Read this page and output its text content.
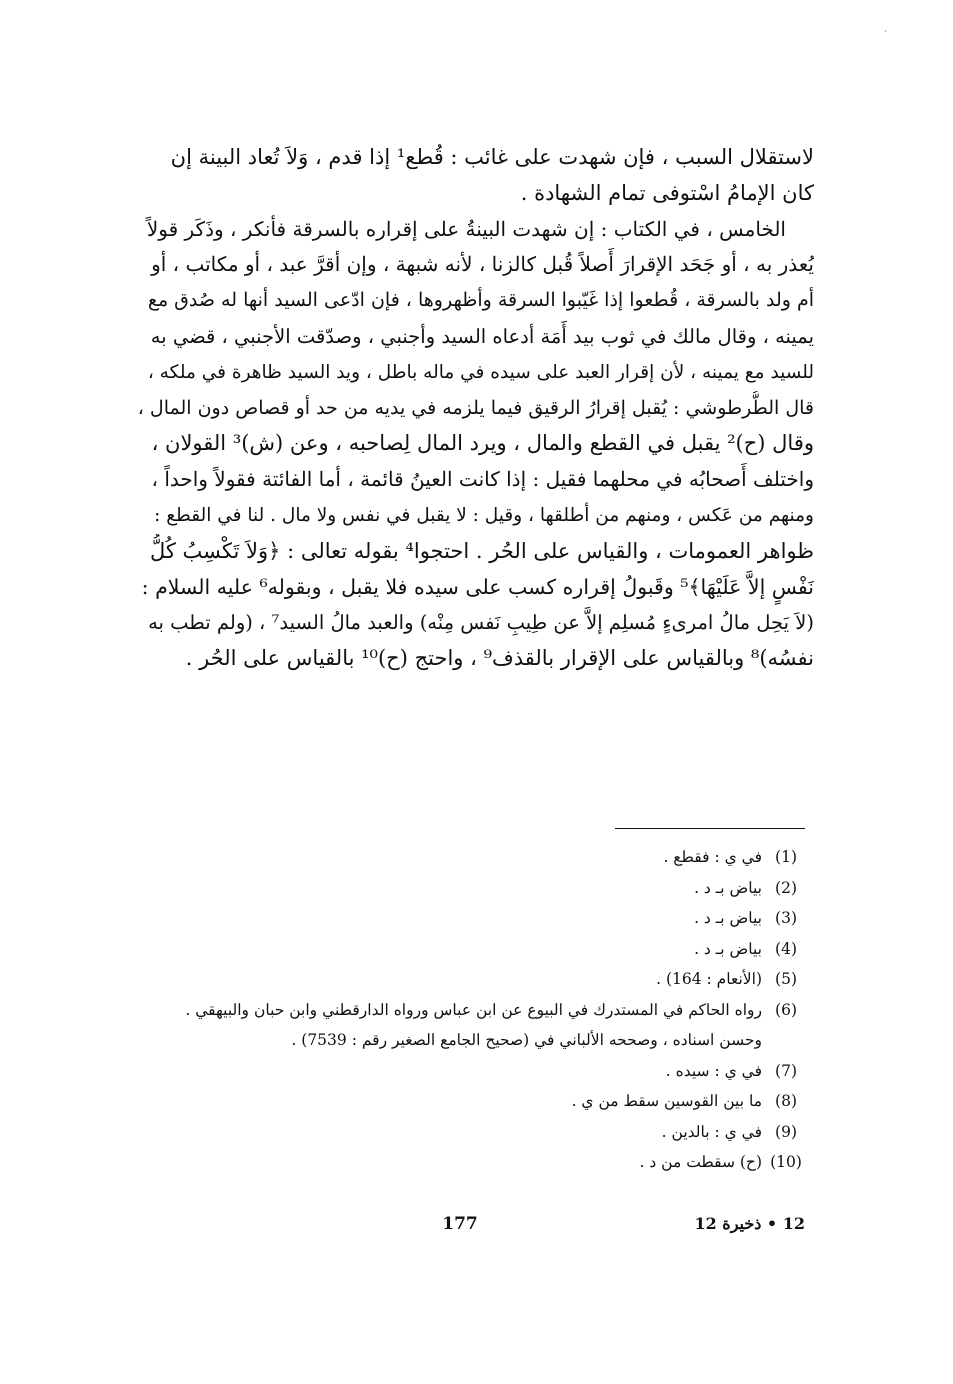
ˏ
لاستقلال السبب ، فإن شهدت على غائب : قُطع¹ إذا قدم ، وَلاَ تُعاد البينة إن
كان الإمامُ اسْتوفى تمام الشهادة .
الخامس ، في الكتاب : إن شهدت البينةُ على إقراره بالسرقة فأنكر ، وذَكَر قولاً
يُعذر به ، أو جَحَد الإقرارَ أَصلاً قُبل كالزنا ، لأنه شبهة ، وإن أقرَّ عبد ، أو مكاتب ، أو
أم ولد بالسرقة ، قُطعوا إذا غَيّبوا السرقة وأظهروها ، فإن ادّعى السيد أنها له صُدق مع
يمينه ، وقال مالك في ثوب بيد أَمَة أدعاه السيد وأجنبي ، وصدّقت الأجنبي ، قضي به
للسيد مع يمينه ، لأن إقرار العبد على سيده في ماله باطل ، ويد السيد ظاهرة في ملكه ،
قال الطُّرطوشي : يُقبل إقرارُ الرقيق فيما يلزمه في يديه من حد أو قصاص دون المال ،
وقال (ح)² يقبل في القطع والمال ، ويرد المال لِصاحبه ، وعن (ش)³ القولان ،
واختلف أَصحابُه في محلهما فقيل : إذا كانت العينُ قائمة ، أما الفائتة فقولاً واحداً ،
ومنهم من عَكس ، ومنهم من أطلقها ، وقيل : لا يقبل في نفس ولا مال . لنا في القطع :
ظواهر العمومات ، والقياس على الحُر . احتجوا⁴ بقوله تعالى : ﴿وَلاَ تَكْسِبُ كُلُّ
نَفْسٍ إلاَّ عَلَيْهَا﴾⁵ وقَبولُ إقراره كسب على سيده فلا يقبل ، وبقوله⁶ عليه السلام :
(لاَ يَحِل مالُ امرىءٍ مُسلِم إلاَّ عن طِيبِ نَفس مِنْه) والعبد مالُ السيد⁷ ، (ولم تطب به
نفسُه)⁸ وبالقياس على الإقرار بالقذف⁹ ، واحتج (ح)¹⁰ بالقياس على الحُر .
(1)
في ي : فقطع .
(2)
بياض بـ د .
(3)
بياض بـ د .
(4)
بياض بـ د .
(5)
(الأنعام : 164) .
(6)
رواه الحاكم في المستدرك في البيوع عن ابن عباس ورواه الدارقطني وابن حبان والبيهقي .
وحسن اسناده ، وصححه الألباني في (صحيح الجامع الصغير رقم : 7539) .
(7)
في ي : سيده .
(8)
ما بين القوسين سقط من ي .
(9)
في ي : بالدين .
(10)
(ح) سقطت من د .
177	12 • ذخيرة 12
